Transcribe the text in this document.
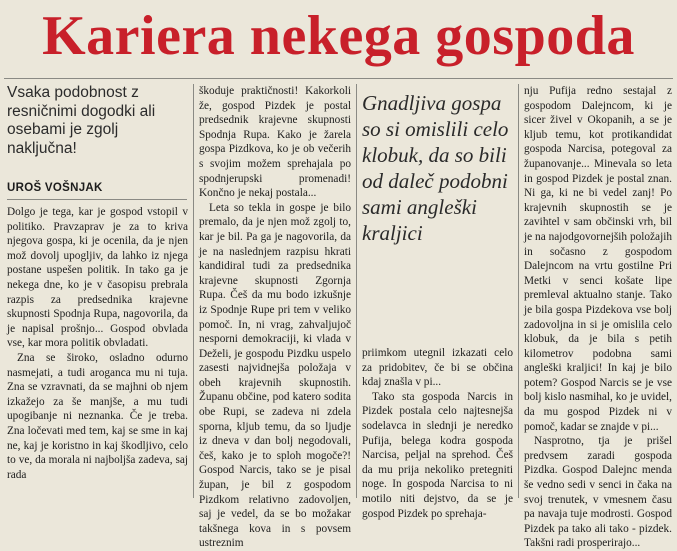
Kariera nekega gospoda
Vsaka podobnost z resničnimi dogodki ali osebami je zgolj naključna!
UROŠ VOŠNJAK

Dolgo je tega, kar je gospod vstopil v politiko. Pravzaprav je za to kriva njegova gospa, ki je ocenila, da je njen mož dovolj upogljiv, da lahko iz njega postane uspešen politik. In tako ga je nekega dne, ko je v časopisu prebrala razpis za predsednika krajevne skupnosti Spodnja Rupa, nagovorila, da je napisal prošnjo... Gospod obvlada vse, kar mora politik obvladati.

Zna se široko, osladno odurno nasmejati, a tudi aroganca mu ni tuja. Zna se vzravnati, da se majhni ob njem izkažejo za še manjše, a mu tudi upogibanje ni neznanka. Če je treba. Zna ločevati med tem, kaj se sme in kaj ne, kaj je koristno in kaj škodljivo, celo to ve, da morala ni najboljša zadeva, saj rada

škoduje praktičnosti! Kakorkoli že, gospod Pizdek je postal predsednik krajevne skupnosti Spodnja Rupa. Kako je žarela gospa Pizdkova, ko je ob večerih s svojim možem sprehajala po spodnjerupski promenadi! Končno je nekaj postala...

Leta so tekla in gospe je bilo premalo, da je njen mož zgolj to, kar je bil. Pa ga je nagovorila, da je na naslednjem razpisu hkrati kandidiral tudi za predsednika krajevne skupnosti Zgornja Rupa. Češ da mu bodo izkušnje iz Spodnje Rupe pri tem v veliko pomoč. In, ni vrag, zahvaljujoč nesporni demokraciji, ki vlada v Deželi, je gospodu Pizdku uspelo zasesti najvidnejša položaja v obeh krajevnih skupnostih. Županu občine, pod katero sodita obe Rupi, se zadeva ni zdela sporna, kljub temu, da so ljudje iz dneva v dan bolj negodovali, češ, kako je to sploh mogoče?! Gospod Narcis, tako se je pisal župan, je bil z gospodom Pizdkom relativno zadovoljen, saj je vedel, da se bo možakar takšnega kova in s povsem ustreznim

Gnadljiva gospa so si omislili celo klobuk, da so bili od daleč podobni sami angleški kraljici

priimkom utegnil izkazati celo za pridobitev, če bi se občina kdaj znašla v pi...

Tako sta gospoda Narcis in Pizdek postala celo najtesnejša sodelavca in slednji je neredko Pufija, belega kodra gospoda Narcisa, peljal na sprehod. Češ da mu prija nekoliko pretegniti noge. In gospoda Narcisa to ni motilo niti dejstvo, da se je gospod Pizdek po sprehaja-

nju Pufija redno sestajal z gospodom Dalejncom, ki je sicer živel v Okopanih, a se je kljub temu, kot protikandidat gospoda Narcisa, potegoval za županovanje... Minevala so leta in gospod Pizdek je postal znan. Ni ga, ki ne bi vedel zanj! Po krajevnih skupnostih se je zavihtel v sam občinski vrh, bil je na najodgovornejših položajih in sočasno z gospodom Dalejncom na vrtu gostilne Pri Metki v senci košate lipe premleval aktualno stanje. Tako je bila gospa Pizdekova vse bolj zadovoljna in si je omislila celo klobuk, da je bila s petih kilometrov podobna sami angleški kraljici! In kaj je bilo potem? Gospod Narcis se je vse bolj kislo nasmihal, ko je uvidel, da mu gospod Pizdek ni v pomoč, kadar se znajde v pi...

Nasprotno, tja je prišel predvsem zaradi gospoda Pizdka. Gospod Dalejnc menda še vedno sedi v senci in čaka na svoj trenutek, v vmesnem času pa navaja tuje modrosti. Gospod Pizdek pa tako ali tako - pizdek. Takšni radi prosperirajo...
